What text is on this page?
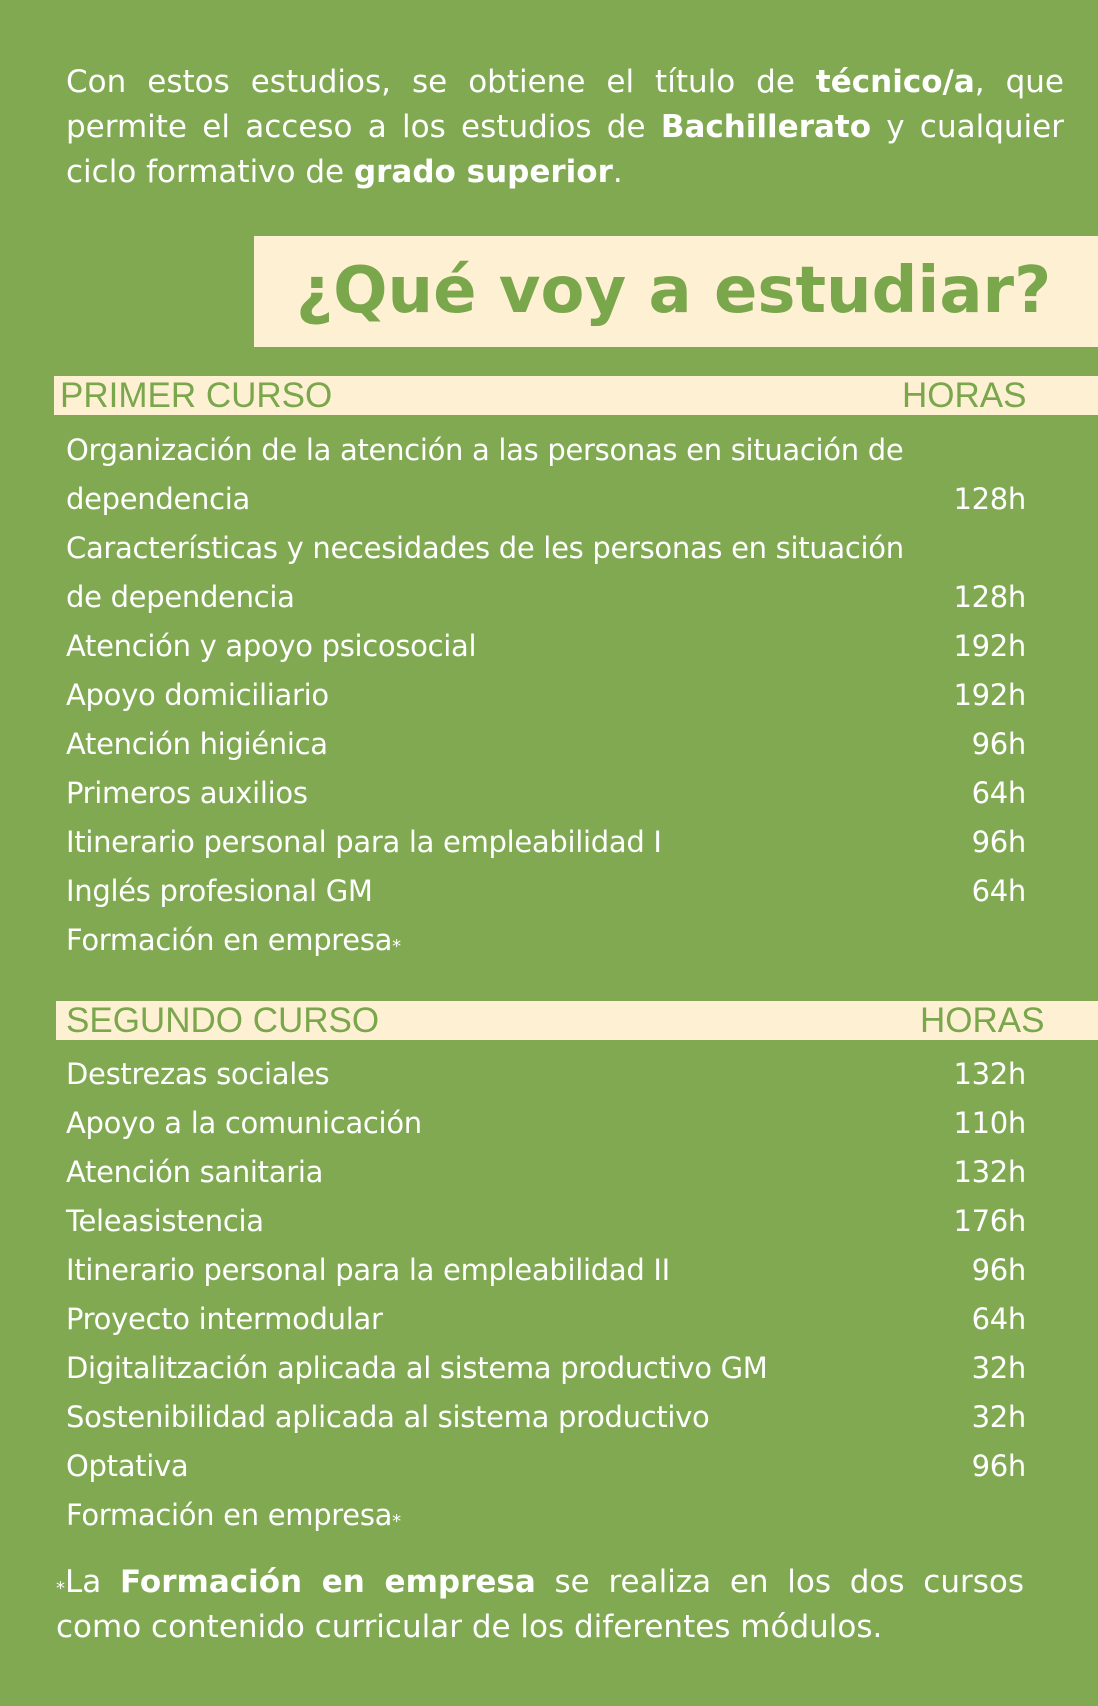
Con estos estudios, se obtiene el título de técnico/a, que permite el acceso a los estudios de Bachillerato y cualquier ciclo formativo de grado superior.
¿Qué voy a estudiar?
PRIMER CURSO	HORAS
Organización de la atención a las personas en situación de dependencia	128h
Características y necesidades de les personas en situación de dependencia	128h
Atención y apoyo psicosocial	192h
Apoyo domiciliario	192h
Atención higiénica	96h
Primeros auxilios	64h
Itinerario personal para la empleabilidad I	96h
Inglés profesional GM	64h
Formación en empresa*
SEGUNDO CURSO	HORAS
Destrezas sociales	132h
Apoyo a la comunicación	110h
Atención sanitaria	132h
Teleasistencia	176h
Itinerario personal para la empleabilidad II	96h
Proyecto intermodular	64h
Digitalitzación aplicada al sistema productivo GM	32h
Sostenibilidad aplicada al sistema productivo	32h
Optativa	96h
Formación en empresa*
*La Formación en empresa se realiza en los dos cursos como contenido curricular de los diferentes módulos.
